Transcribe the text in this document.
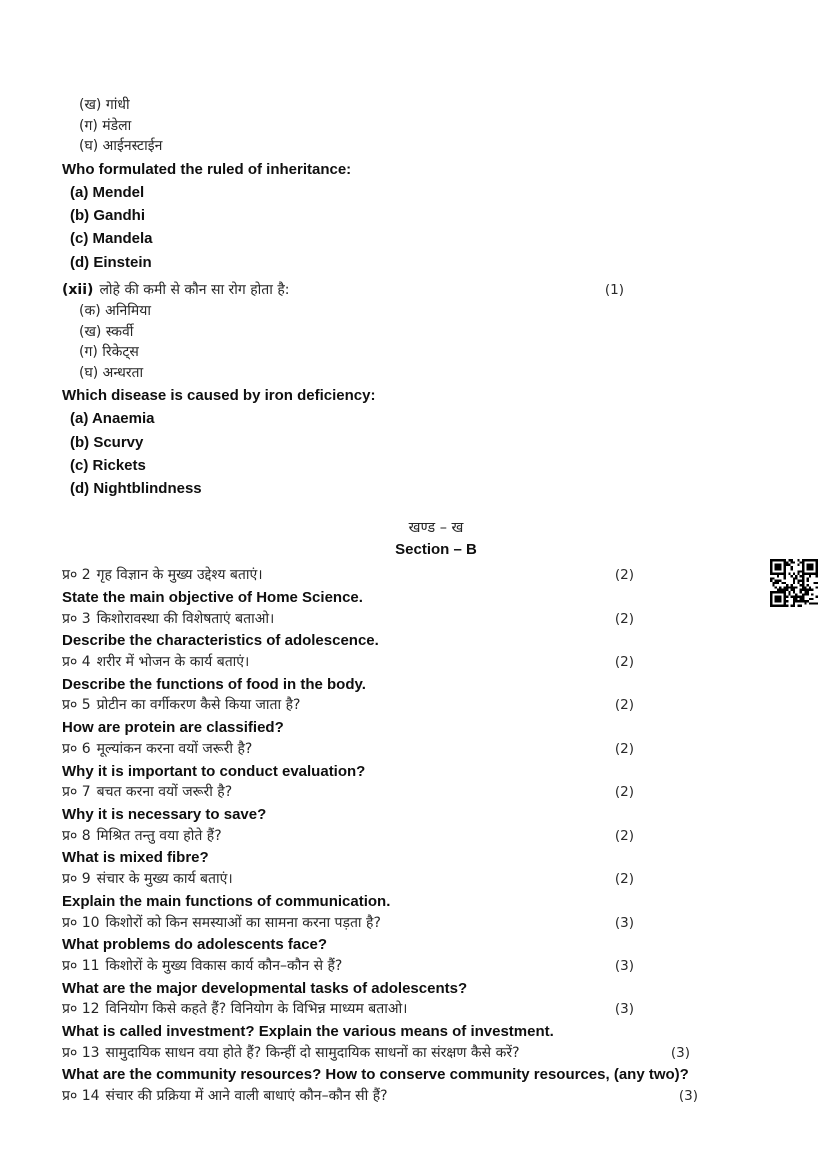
(ख) गांधी
(ग) मंडेला
(घ) आईनस्टाईन
Who formulated the ruled of inheritance:
(a) Mendel
(b) Gandhi
(c) Mandela
(d) Einstein
(xii) लोहे की कमी से कौन सा रोग होता है:	(1)
(क) अनिमिया
(ख) स्कर्वी
(ग) रिकेट्स
(घ) अन्धरता
Which disease is caused by iron deficiency:
(a) Anaemia
(b) Scurvy
(c) Rickets
(d) Nightblindness
खण्ड – ख
Section – B
प्र० 2 गृह विज्ञान के मुख्य उद्देश्य बताएं।	(2)
State the main objective of Home Science.
प्र० 3 किशोरावस्था की विशेषताएं बताओ।	(2)
Describe the characteristics of adolescence.
प्र० 4 शरीर में भोजन के कार्य बताएं।	(2)
Describe the functions of food in the body.
प्र० 5 प्रोटीन का वर्गीकरण कैसे किया जाता है?	(2)
How are protein are classified?
प्र० 6 मूल्यांकन करना वयों जरूरी है?	(2)
Why it is important to conduct evaluation?
प्र० 7 बचत करना वयों जरूरी है?	(2)
Why it is necessary to save?
प्र० 8 मिश्रित तन्तु वया होते हैं?	(2)
What is mixed fibre?
प्र० 9 संचार के मुख्य कार्य बताएं।	(2)
Explain the main functions of communication.
प्र० 10 किशोरों को किन समस्याओं का सामना करना पड़ता है?	(3)
What problems do adolescents face?
प्र० 11 किशोरों के मुख्य विकास कार्य कौन–कौन से हैं?	(3)
What are the major developmental tasks of adolescents?
प्र० 12 विनियोग किसे कहते हैं? विनियोग के विभिन्न माध्यम बताओ।	(3)
What is called investment? Explain the various means of investment.
प्र० 13 सामुदायिक साधन वया होते हैं? किन्हीं दो सामुदायिक साधनों का संरक्षण कैसे करें?	(3)
What are the community resources? How to conserve community resources, (any two)?
प्र० 14 संचार की प्रक्रिया में आने वाली बाधाएं कौन–कौन सी हैं?	(3)
